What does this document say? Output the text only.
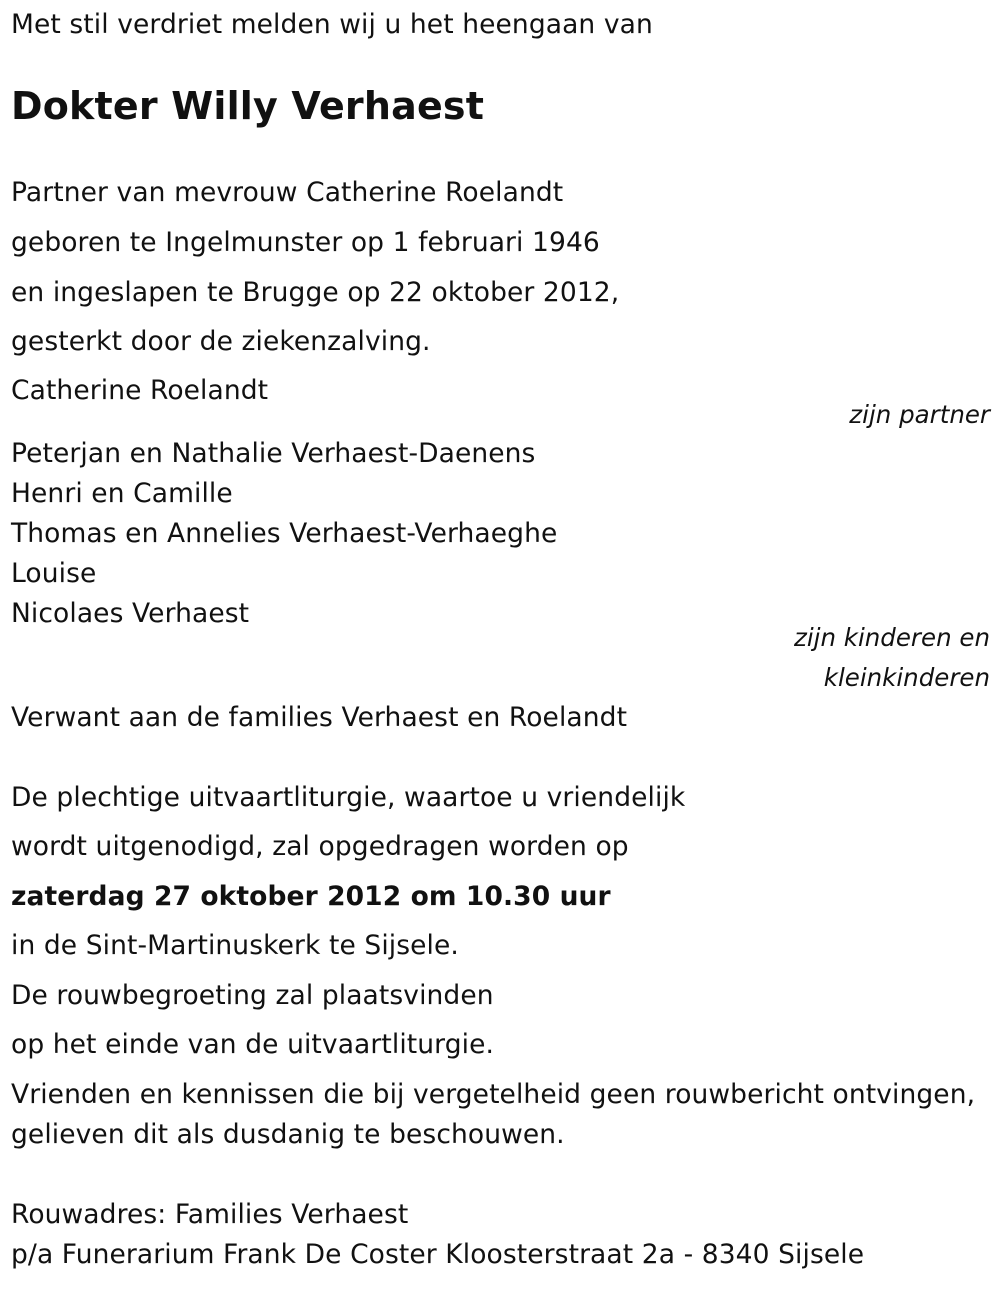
Met stil verdriet melden wij u het heengaan van
Dokter Willy Verhaest
Partner van mevrouw Catherine Roelandt
geboren te Ingelmunster op 1 februari 1946
en ingeslapen te Brugge op 22 oktober 2012,
gesterkt door de ziekenzalving.
Catherine Roelandt
zijn partner
Peterjan en Nathalie Verhaest-Daenens
Henri en Camille
Thomas en Annelies Verhaest-Verhaeghe
Louise
Nicolaes Verhaest
zijn kinderen en
kleinkinderen
Verwant aan de families Verhaest en Roelandt
De plechtige uitvaartliturgie, waartoe u vriendelijk
wordt uitgenodigd, zal opgedragen worden op
zaterdag 27 oktober 2012 om 10.30 uur
in de Sint-Martinuskerk te Sijsele.
De rouwbegroeting zal plaatsvinden
op het einde van de uitvaartliturgie.
Vrienden en kennissen die bij vergetelheid geen rouwbericht ontvingen,
gelieven dit als dusdanig te beschouwen.
Rouwadres: Families Verhaest
p/a Funerarium Frank De Coster Kloosterstraat 2a - 8340 Sijsele
